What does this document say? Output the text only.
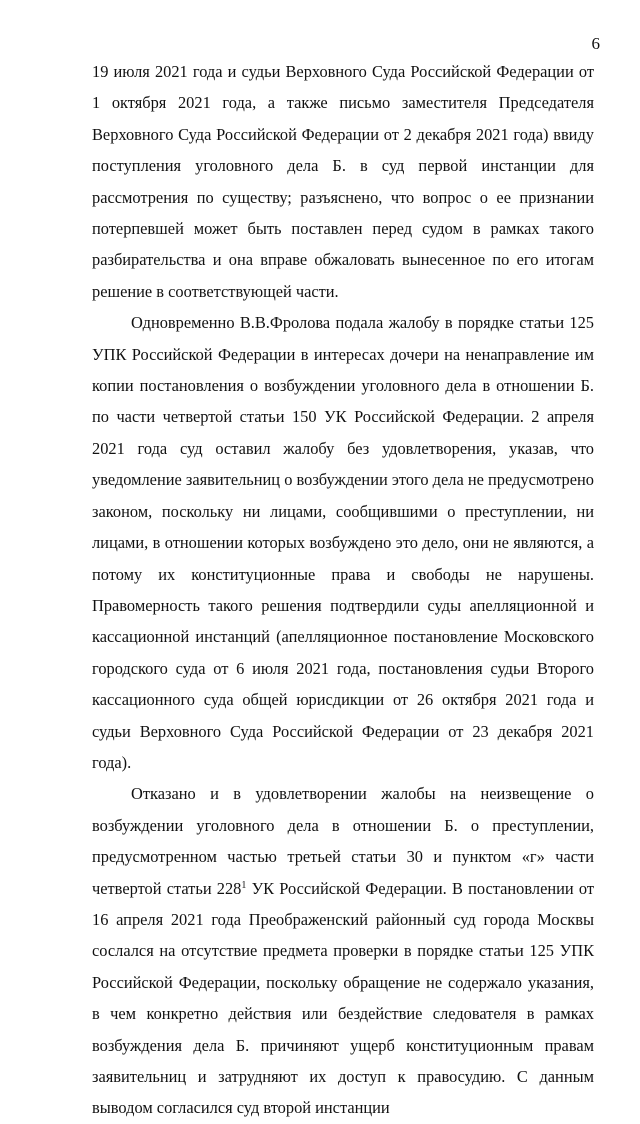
6

19 июля 2021 года и судьи Верховного Суда Российской Федерации от 1 октября 2021 года, а также письмо заместителя Председателя Верховного Суда Российской Федерации от 2 декабря 2021 года) ввиду поступления уголовного дела Б. в суд первой инстанции для рассмотрения по существу; разъяснено, что вопрос о ее признании потерпевшей может быть поставлен перед судом в рамках такого разбирательства и она вправе обжаловать вынесенное по его итогам решение в соответствующей части.

Одновременно В.В.Фролова подала жалобу в порядке статьи 125 УПК Российской Федерации в интересах дочери на ненаправление им копии постановления о возбуждении уголовного дела в отношении Б. по части четвертой статьи 150 УК Российской Федерации. 2 апреля 2021 года суд оставил жалобу без удовлетворения, указав, что уведомление заявительниц о возбуждении этого дела не предусмотрено законом, поскольку ни лицами, сообщившими о преступлении, ни лицами, в отношении которых возбуждено это дело, они не являются, а потому их конституционные права и свободы не нарушены. Правомерность такого решения подтвердили суды апелляционной и кассационной инстанций (апелляционное постановление Московского городского суда от 6 июля 2021 года, постановления судьи Второго кассационного суда общей юрисдикции от 26 октября 2021 года и судьи Верховного Суда Российской Федерации от 23 декабря 2021 года).

Отказано и в удовлетворении жалобы на неизвещение о возбуждении уголовного дела в отношении Б. о преступлении, предусмотренном частью третьей статьи 30 и пунктом «г» части четвертой статьи $228^1$ УК Российской Федерации. В постановлении от 16 апреля 2021 года Преображенский районный суд города Москвы сослался на отсутствие предмета проверки в порядке статьи 125 УПК Российской Федерации, поскольку обращение не содержало указания, в чем конкретно действия или бездействие следователя в рамках возбуждения дела Б. причиняют ущерб конституционным правам заявительниц и затрудняют их доступ к правосудию. С данным выводом согласился суд второй инстанции
